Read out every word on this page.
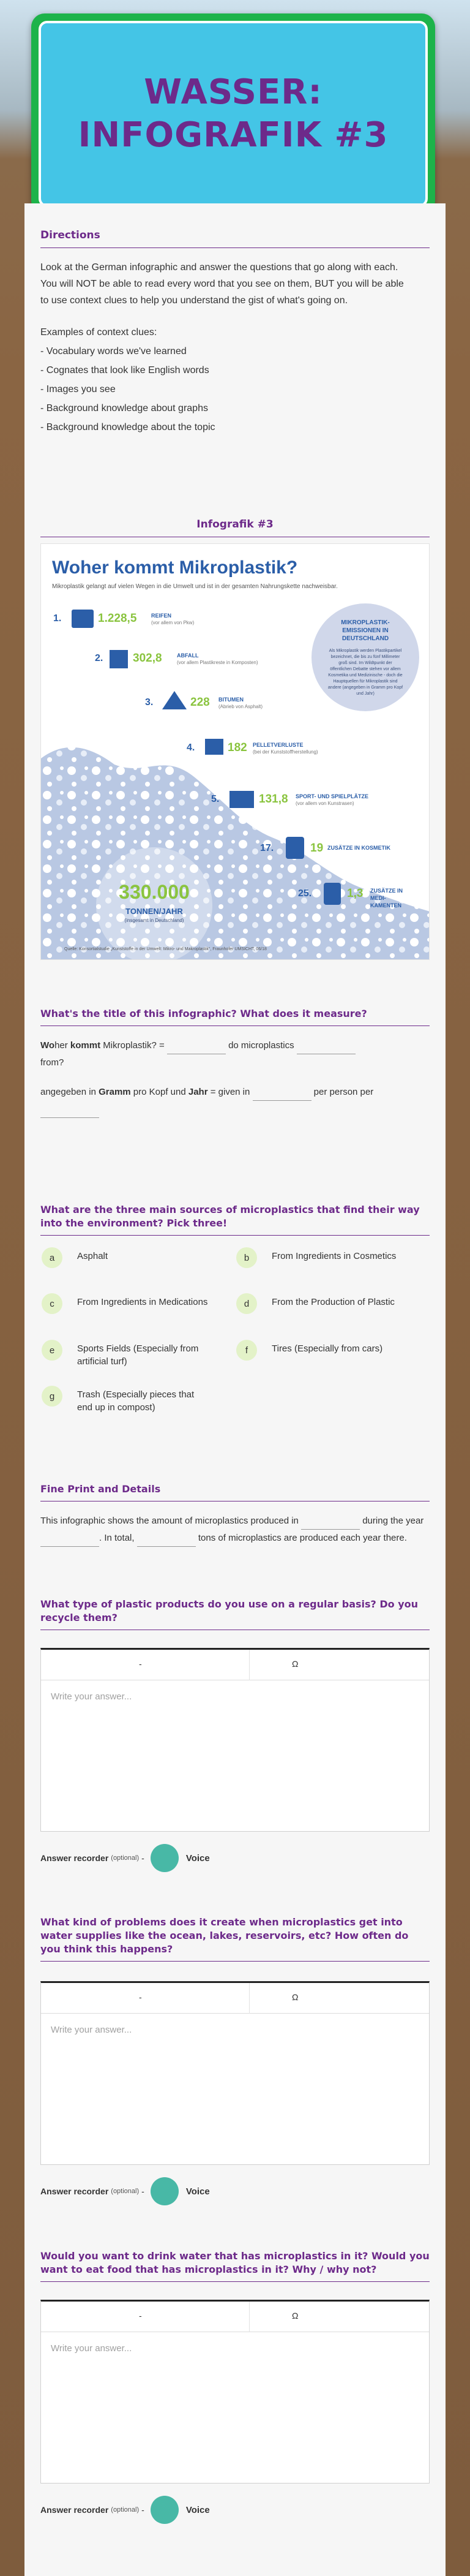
WASSER: INFOGRAFIK #3
Directions

Look at the German infographic and answer the questions that go along with each. You will NOT be able to read every word that you see on them, BUT you will be able to use context clues to help you understand the gist of what's going on.

Examples of context clues:

- Vocabulary words we've learned
- Cognates that look like English words
- Images you see
- Background knowledge about graphs
- Background knowledge about the topic
Infografik #3
Woher kommt Mikroplastik?
Mikroplastik gelangt auf vielen Wegen in die Umwelt und ist in der gesamten Nahrungskette nachweisbar.
1.	1.228,5	REIFEN
(vor allem von Pkw)
2.	302,8	ABFALL
(vor allem Plastikreste in Komposten)
3.	228 BITUMEN
(Abrieb von Asphalt)
4.	182 PELLETVERLUSTE
(bei der Kunststoffherstellung)
5.	131,8 SPORT- UND SPIELPLÄTZE
(vor allem von Kunstrasen)
17.	19 ZUSÄTZE IN KOSMETIK
25.	1,3 ZUSÄTZE IN MEDI-KAMENTEN
MIKROPLASTIK-EMISSIONEN IN DEUTSCHLAND
Als Mikroplastik werden Plastikpartikel bezeichnet, die bis zu fünf Millimeter groß sind. Im Wildtpunkt der öffentlichen Debatte stehen vor allem Kosmetika und Medizinische - doch die Hauptquellen für Mikroplastik sind andere (angegeben in Gramm pro Kopf und Jahr)
330.000
TONNEN/JAHR
(insgesamt in Deutschland)
Quelle: Konsortialstudie „Kunststoffe in der Umwelt: Mikro- und Makroplastik“, Fraunhofer UMSICHT, 06/18
What's the title of this infographic? What does it measure?
Woher kommt Mikroplastik? =	do microplastics
from?
angegeben in Gramm pro Kopf und Jahr = given in	per person per
What are the three main sources of microplastics that find their way into the environment? Pick three!
a	Asphalt	b	From Ingredients in Cosmetics
c	From Ingredients in Medications	d	From the Production of Plastic
e	Sports Fields (Especially from artificial turf)
f	Tires (Especially from cars)
g	Trash (Especially pieces that end up in compost)
Fine Print and Details
This infographic shows the amount of microplastics produced in	during the year . In total,	tons of microplastics are produced each year there.
What type of plastic products do you use on a regular basis? Do you recycle them?
-	Ω
Write your answer...
Answer recorder (optional) -	Voice
What kind of problems does it create when microplastics get into water supplies like the ocean, lakes, reservoirs, etc? How often do you think this happens?
-	Ω
Write your answer...
Answer recorder (optional) -	Voice
Would you want to drink water that has microplastics in it? Would you want to eat food that has microplastics in it? Why / why not?
-	Ω
Write your answer...
Answer recorder (optional) -	Voice
